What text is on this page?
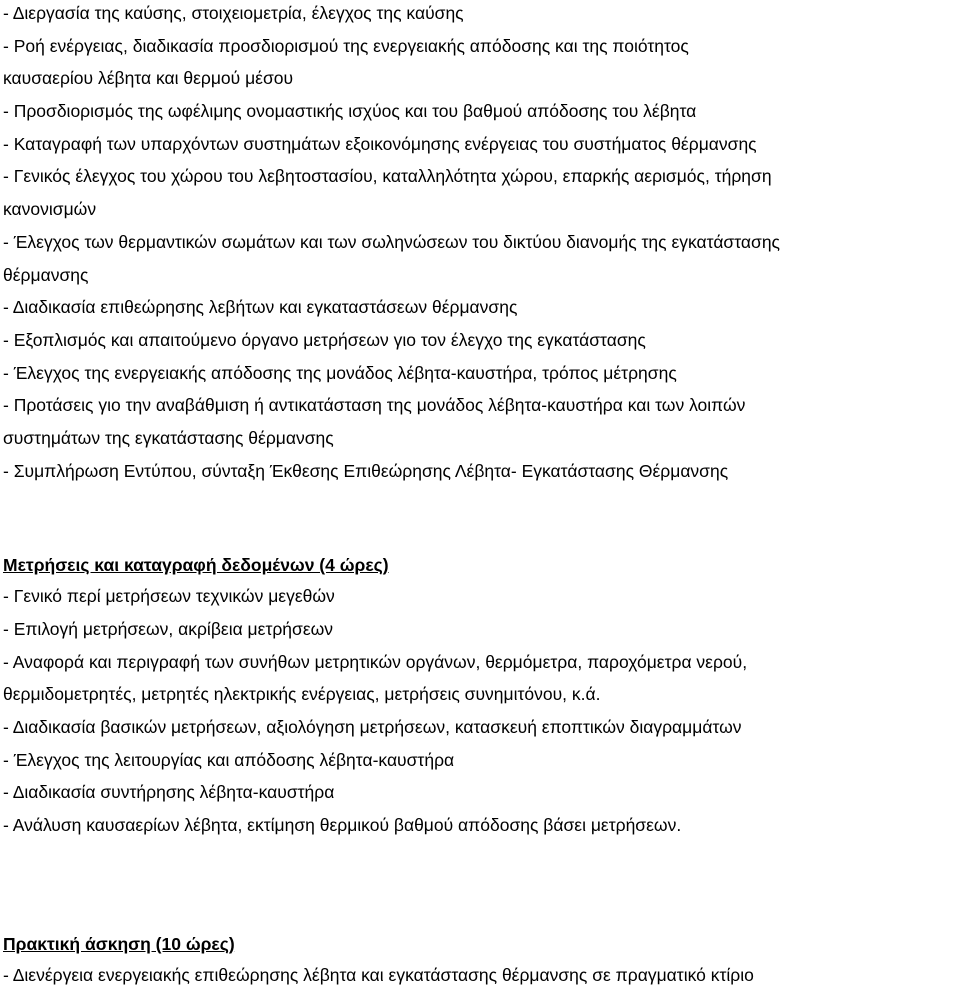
- Διεργασία της καύσης, στοιχειομετρία, έλεγχος της καύσης
- Ροή ενέργειας, διαδικασία προσδιορισμού της ενεργειακής απόδοσης και της ποιότητος
καυσαερίου λέβητα και θερμού μέσου
- Προσδιορισμός της ωφέλιμης ονομαστικής ισχύος και του βαθμού απόδοσης του λέβητα
- Καταγραφή των υπαρχόντων συστημάτων εξοικονόμησης ενέργειας του συστήματος θέρμανσης
- Γενικός έλεγχος του χώρου του λεβητοστασίου, καταλληλότητα χώρου, επαρκής αερισμός, τήρηση
κανονισμών
- Έλεγχος των θερμαντικών σωμάτων και των σωληνώσεων του δικτύου διανομής της εγκατάστασης
θέρμανσης
- Διαδικασία επιθεώρησης λεβήτων και εγκαταστάσεων θέρμανσης
- Εξοπλισμός και απαιτούμενο όργανο μετρήσεων γιο τον έλεγχο της εγκατάστασης
- Έλεγχος της ενεργειακής απόδοσης της μονάδος λέβητα-καυστήρα, τρόπος μέτρησης
- Προτάσεις γιο την αναβάθμιση ή αντικατάσταση της μονάδος λέβητα-καυστήρα και των λοιπών
συστημάτων της εγκατάστασης θέρμανσης
- Συμπλήρωση Εντύπου, σύνταξη Έκθεσης Επιθεώρησης Λέβητα- Εγκατάστασης Θέρμανσης
Μετρήσεις και καταγραφή δεδομένων (4 ώρες)
- Γενικό περί μετρήσεων τεχνικών μεγεθών
- Επιλογή μετρήσεων, ακρίβεια μετρήσεων
- Αναφορά και περιγραφή των συνήθων μετρητικών οργάνων, θερμόμετρα, παροχόμετρα νερού,
θερμιδομετρητές, μετρητές ηλεκτρικής ενέργειας, μετρήσεις συνημιτόνου, κ.ά.
- Διαδικασία βασικών μετρήσεων, αξιολόγηση μετρήσεων, κατασκευή εποπτικών διαγραμμάτων
- Έλεγχος της λειτουργίας και απόδοσης λέβητα-καυστήρα
- Διαδικασία συντήρησης λέβητα-καυστήρα
- Ανάλυση καυσαερίων λέβητα, εκτίμηση θερμικού βαθμού απόδοσης βάσει μετρήσεων.
Πρακτική άσκηση (10 ώρες)
- Διενέργεια ενεργειακής επιθεώρησης λέβητα και εγκατάστασης θέρμανσης σε πραγματικό κτίριο
